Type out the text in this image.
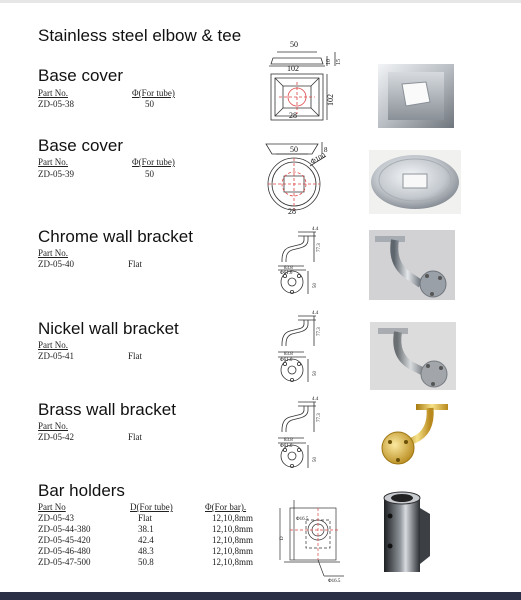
Stainless steel elbow & tee
Base cover
Part No.	Φ(For tube)
ZD-05-38	50
50
102
10 15
102
28
Base cover
Part No.	Φ(For tube)
ZD-05-39	50
50	8
Φ100
28
Chrome wall bracket
Part No.
ZD-05-40	Flat
4.4
77.3
83.8
Φ61.6
50
Nickel wall bracket
Part No.
ZD-05-41	Flat
4.4
77.3
83.8
Φ61.6
50
Brass wall bracket
Part No.
ZD-05-42	Flat
4.4
77.3
83.8
Φ61.6
50
Bar holders
Part No	D(For tube)	Φ(For bar).
ZD-05-43	Flat	12,10,8mm
ZD-05-44-380	38.1	12,10,8mm
ZD-05-45-420	42.4	12,10,8mm
ZD-05-46-480	48.3	12,10,8mm
ZD-05-47-500	50.8	12,10,8mm
D
Φ16.5
Φ16.5
